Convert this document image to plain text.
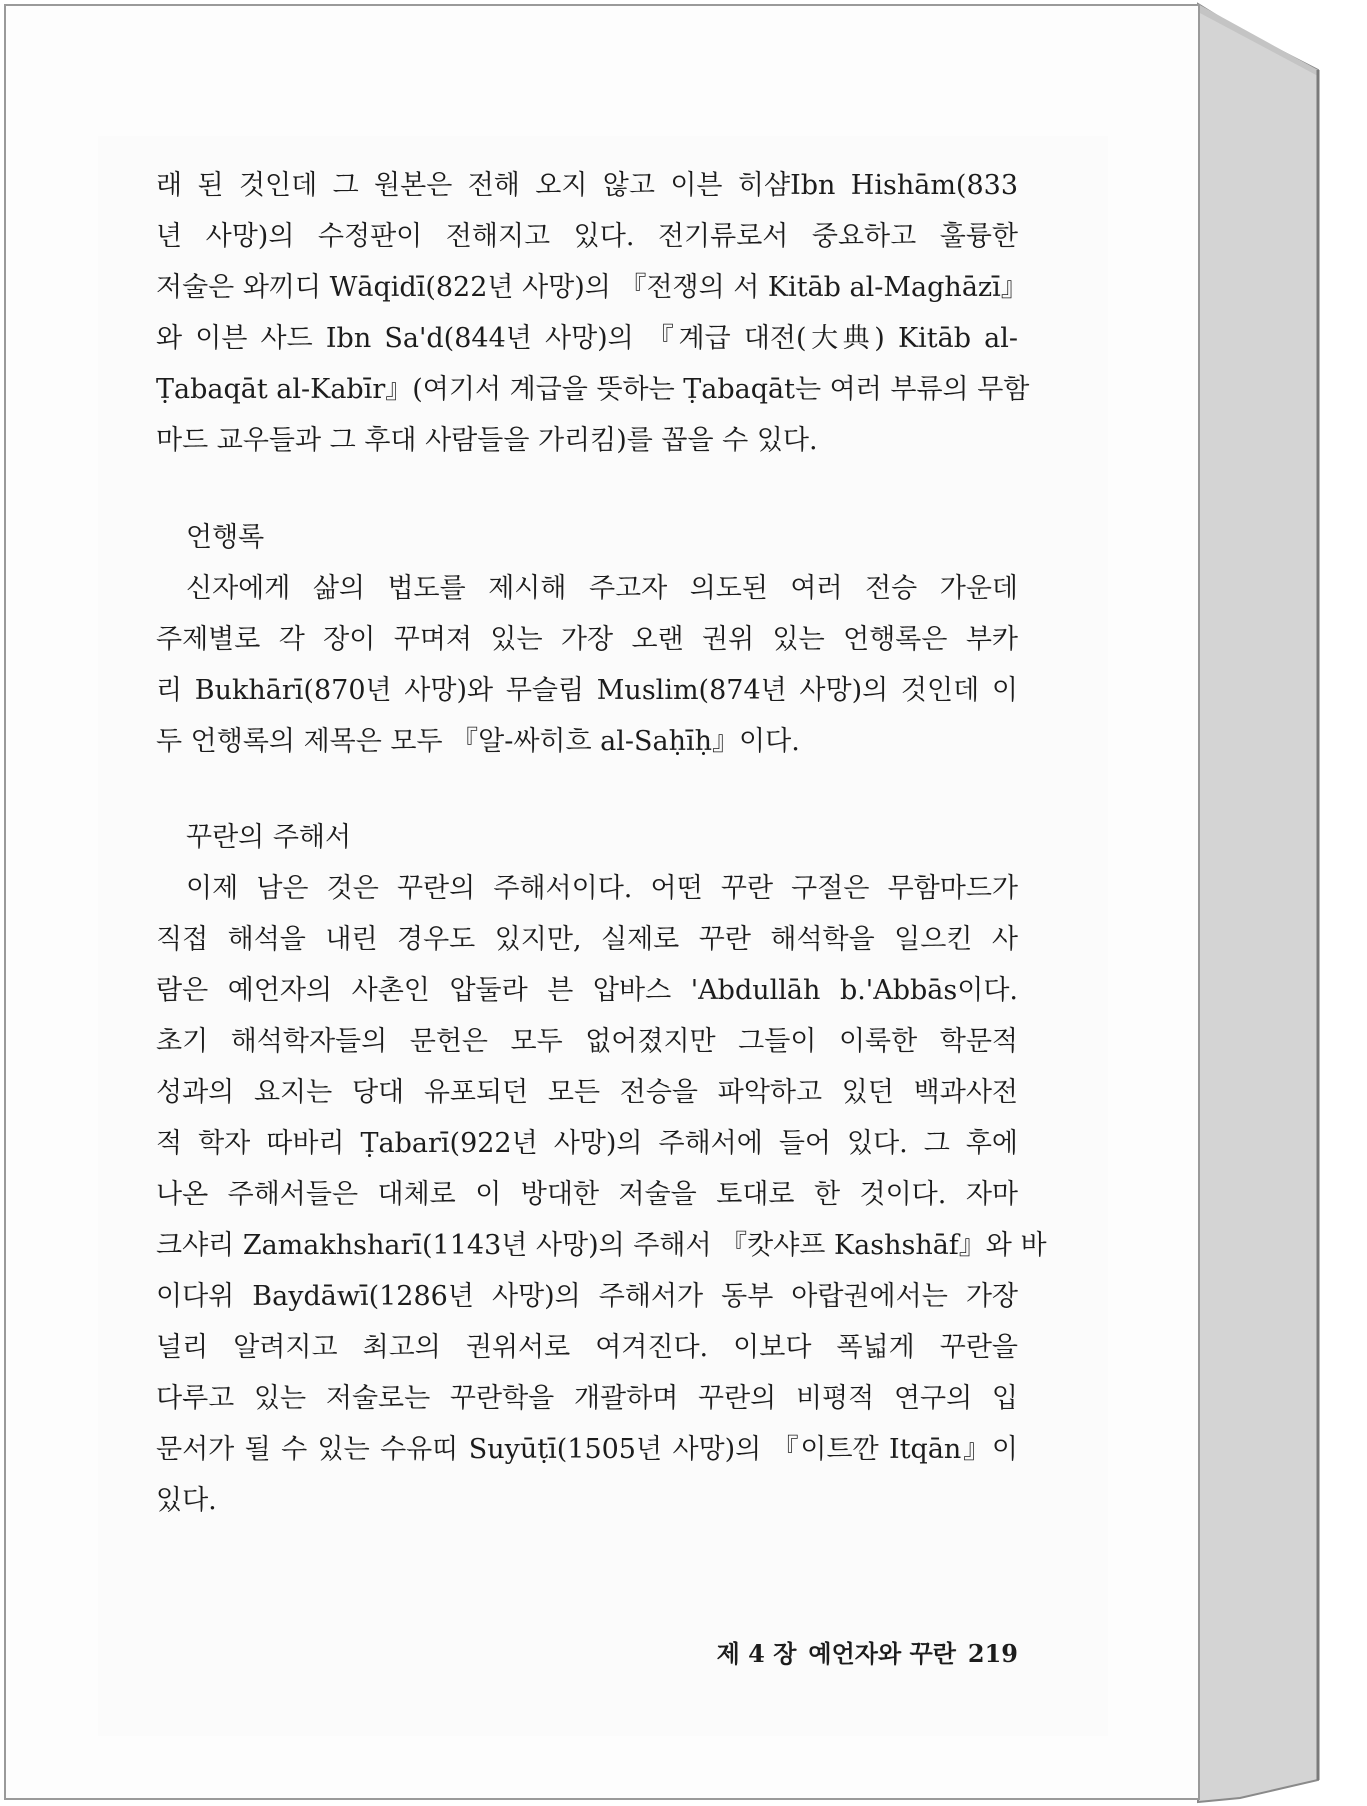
래 된 것인데 그 원본은 전해 오지 않고 이븐 히샴Ibn Hishām(833
년 사망)의 수정판이 전해지고 있다. 전기류로서 중요하고 훌륭한
저술은 와끼디 Wāqidī(822년 사망)의 『전쟁의 서 Kitāb al-Maghāzī』
와 이븐 사드 Ibn Sa'd(844년 사망)의 『계급 대전(大典) Kitāb al-
Ṭabaqāt al-Kabīr』(여기서 계급을 뜻하는 Ṭabaqāt는 여러 부류의 무함
마드 교우들과 그 후대 사람들을 가리킴)를 꼽을 수 있다.
언행록
신자에게 삶의 법도를 제시해 주고자 의도된 여러 전승 가운데
주제별로 각 장이 꾸며져 있는 가장 오랜 권위 있는 언행록은 부카
리 Bukhārī(870년 사망)와 무슬림 Muslim(874년 사망)의 것인데 이
두 언행록의 제목은 모두 『알-싸히흐 al-Saḥīḥ』이다.
꾸란의 주해서
이제 남은 것은 꾸란의 주해서이다. 어떤 꾸란 구절은 무함마드가
직접 해석을 내린 경우도 있지만, 실제로 꾸란 해석학을 일으킨 사
람은 예언자의 사촌인 압둘라 븐 압바스 'Abdullāh b.'Abbās이다.
초기 해석학자들의 문헌은 모두 없어졌지만 그들이 이룩한 학문적
성과의 요지는 당대 유포되던 모든 전승을 파악하고 있던 백과사전
적 학자 따바리 Ṭabarī(922년 사망)의 주해서에 들어 있다. 그 후에
나온 주해서들은 대체로 이 방대한 저술을 토대로 한 것이다. 자마
크샤리 Zamakhsharī(1143년 사망)의 주해서 『캇샤프 Kashshāf』와 바
이다위 Baydāwī(1286년 사망)의 주해서가 동부 아랍권에서는 가장
널리 알려지고 최고의 권위서로 여겨진다. 이보다 폭넓게 꾸란을
다루고 있는 저술로는 꾸란학을 개괄하며 꾸란의 비평적 연구의 입
문서가 될 수 있는 수유띠 Suyūṭī(1505년 사망)의 『이트깐 Itqān』이
있다.
제 4 장 예언자와 꾸란 219
